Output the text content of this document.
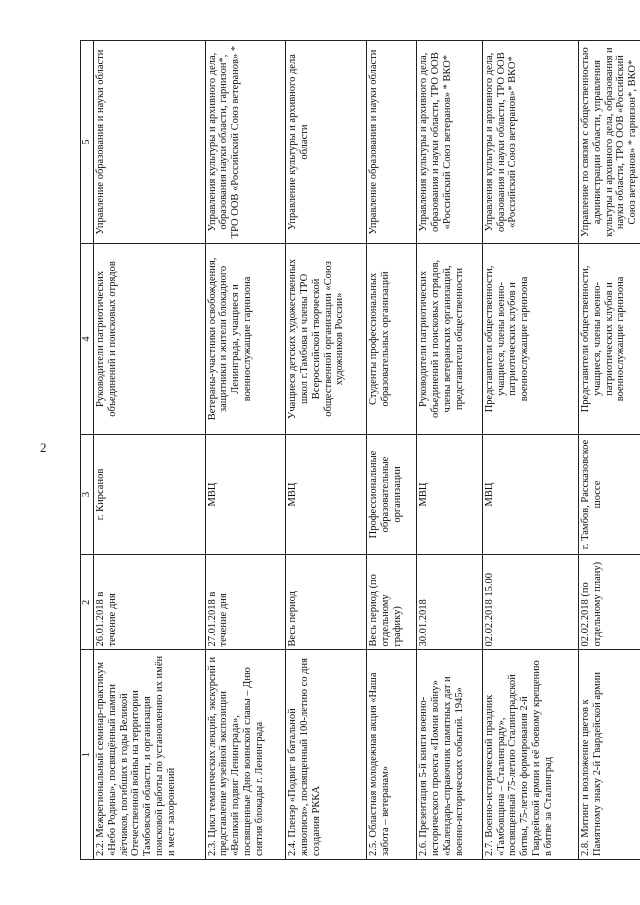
2
1	2	3	4	5
2.2. Межрегиональный семинар-практикум «Небо Родины», посвящённый памяти лётчиков, погибших в годы Великой Отечественной войны на территории Тамбовской области, и организация поисковой работы по установлению их имён и мест захоронений	26.01.2018 в течение дня	г. Кирсанов	Руководители патриотических объединений и поисковых отрядов	Управление образования и науки области
2.3. Цикл тематических лекций, экскурсий и представление музейной экспозиции «Великий подвиг Ленинграда», посвященные Дню воинской славы – Дню снятия блокады г. Ленинграда	27.01.2018 в течение дня	МВЦ	Ветераны-участники освобождения, защитники и жители блокадного Ленинграда, учащиеся и военнослужащие гарнизона	Управления культуры и архивного дела, образования науки области, гарнизон*, ТРО ООВ «Российский Союз ветеранов» *
2.4. Пленэр «Подвиг в батальной живописи», посвященный 100-летию со дня создания РККА	Весь период	МВЦ	Учащиеся детских художественных школ г.Тамбова и члены ТРО Всероссийской творческой общественной организации «Союз художников России»	Управление культуры и архивного дела области
2.5. Областная молодежная акция «Наша забота – ветеранам»	Весь период (по отдельному графику)	Профессиональные образовательные организации	Студенты профессиональных образовательных организаций	Управление образования и науки области
2.6. Презентация 5-й книги военно-исторического проекта «Помни войну» «Календарь-справочник памятных дат и военно-исторических событий. 1945»	30.01.2018	МВЦ	Руководители патриотических объединений и поисковых отрядов, члены ветеранских организаций, представители общественности	Управления культуры и архивного дела, образования и науки области, ТРО ООВ «Российский Союз ветеранов» * ВКО*
2.7. Военно-исторический праздник «Тамбовщина – Сталинграду», посвященный 75-летию Сталинградской битвы, 75-летию формирования 2-й Гвардейской армии и её боевому крещению в битве за Сталинград	02.02.2018 15.00	МВЦ	Представители общественности, учащиеся, члены военно-патриотических клубов и военнослужащие гарнизона	Управления культуры и архивного дела, образования и науки области, ТРО ООВ «Российский Союз ветеранов»* ВКО*
2.8. Митинг и возложение цветов к Памятному знаку 2-й Гвардейской армии	02.02.2018 (по отдельному плану)	г. Тамбов, Рассказовское шоссе	Представители общественности, учащиеся, члены военно-патриотических клубов и военнослужащие гарнизона	Управление по связям с общественностью администрации области, управления культуры и архивного дела, образования и науки области, ТРО ООВ «Российский Союз ветеранов» * гарнизон*, ВКО*
